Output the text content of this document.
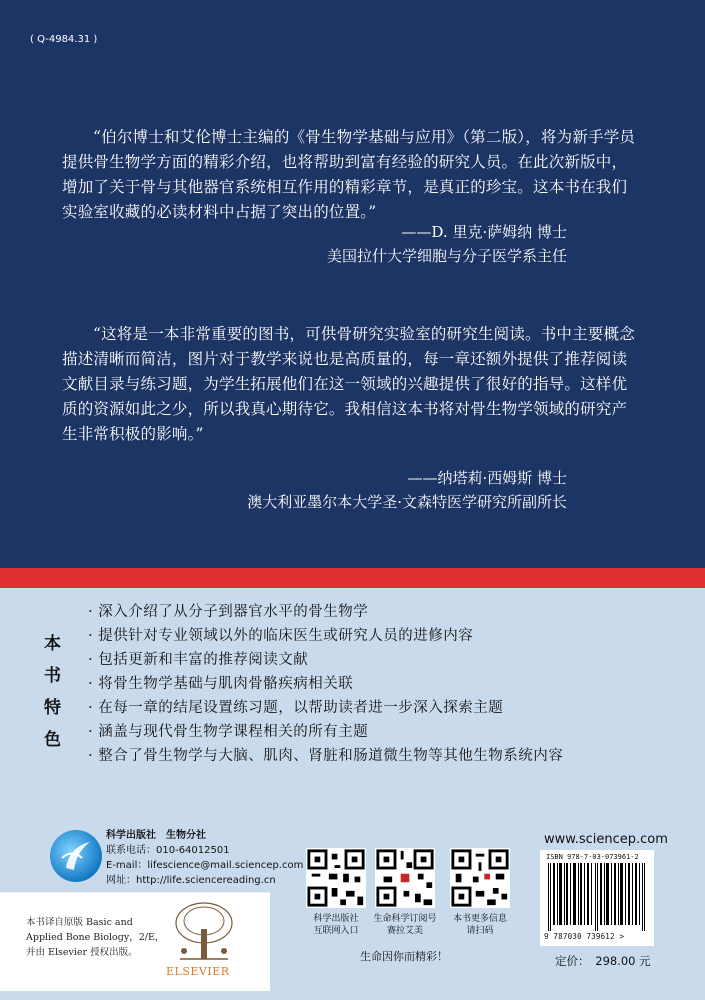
( Q-4984.31 )

“伯尔博士和艾伦博士主编的《骨生物学基础与应用》（第二版），将为新手学员提供骨生物学方面的精彩介绍，也将帮助到富有经验的研究人员。在此次新版中，增加了关于骨与其他器官系统相互作用的精彩章节，是真正的珍宝。这本书在我们实验室收藏的必读材料中占据了突出的位置。”

——D. 里克·萨姆纳 博士
美国拉什大学细胞与分子医学系主任

“这将是一本非常重要的图书，可供骨研究实验室的研究生阅读。书中主要概念描述清晰而简洁，图片对于教学来说也是高质量的，每一章还额外提供了推荐阅读文献目录与练习题，为学生拓展他们在这一领域的兴趣提供了很好的指导。这样优质的资源如此之少，所以我真心期待它。我相信这本书将对骨生物学领域的研究产生非常积极的影响。”

——纳塔莉·西姆斯 博士
澳大利亚墨尔本大学圣·文森特医学研究所副所长
本书特色
· 深入介绍了从分子到器官水平的骨生物学
· 提供针对专业领域以外的临床医生或研究人员的进修内容
· 包括更新和丰富的推荐阅读文献
· 将骨生物学基础与肌肉骨骼疾病相关联
· 在每一章的结尾设置练习题，以帮助读者进一步深入探索主题
· 涵盖与现代骨生物学课程相关的所有主题
· 整合了骨生物学与大脑、肌肉、肾脏和肠道微生物等其他生物系统内容
科学出版社　生物分社
联系电话：010-64012501
E-mail：lifescience@mail.sciencep.com
网址：http://life.sciencereading.cn
本书译自原版 Basic and Applied Bone Biology，2/E，并由 Elsevier 授权出版。
ELSEVIER
科学出版社
互联网入口
生命科学订阅号
赛拉艾美
本书更多信息
请扫码
生命因你而精彩！
www.sciencep.com
ISBN 978-7-03-073961-2
9 787030 739612 >
定价：　298.00 元
